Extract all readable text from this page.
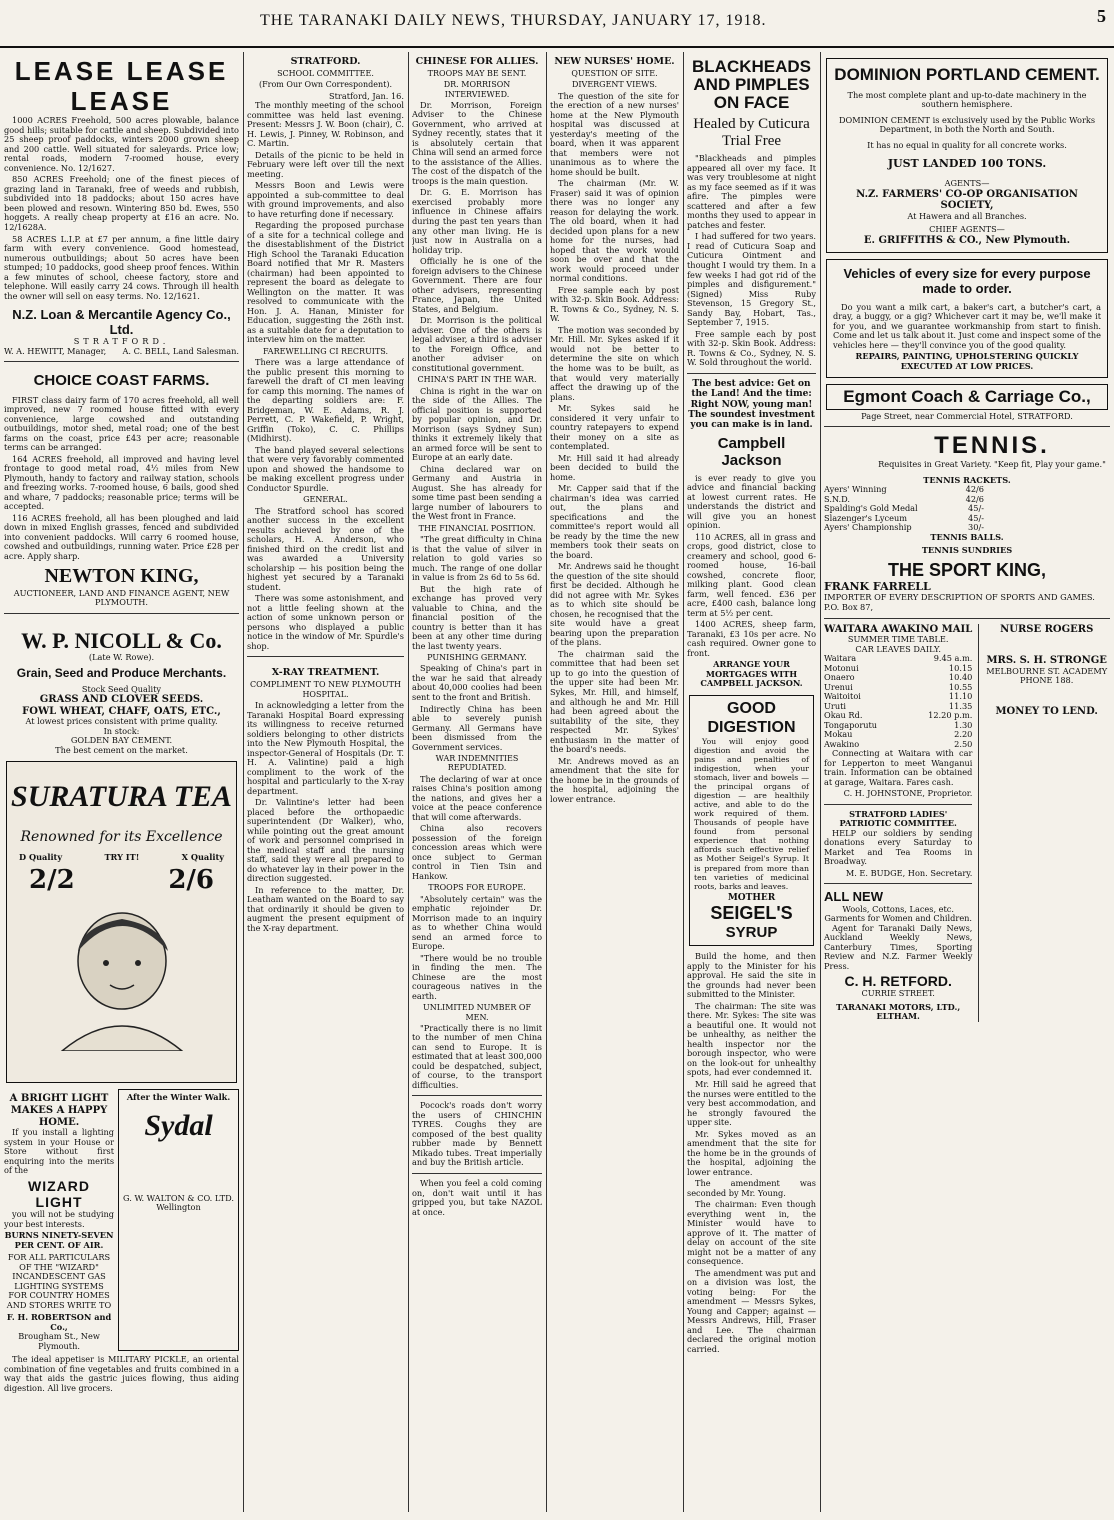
THE TARANAKI DAILY NEWS, THURSDAY, JANUARY 17, 1918.	5
LEASE LEASE LEASE

1000 ACRES Freehold, 500 acres plowable, balance good hills; suitable for cattle and sheep. Subdivided into 25 sheep proof paddocks, winters 2000 grown sheep and 200 cattle. Well situated for saleyards. Price low; rental roads, modern 7-roomed house, every convenience. No. 12/1627.

850 ACRES Freehold; one of the finest pieces of grazing land in Taranaki, free of weeds and rubbish, subdivided into 18 paddocks; about 150 acres have been plowed and resown. Wintering 850 bd. Ewes, 550 hoggets. A really cheap property at £16 an acre. No. 12/1628A.

58 ACRES L.I.P. at £7 per annum, a fine little dairy farm with every convenience. Good homestead, numerous outbuildings; about 50 acres have been stumped; 10 paddocks, good sheep proof fences. Within a few minutes of school, cheese factory, store and telephone. Will easily carry 24 cows. Through ill health the owner will sell on easy terms. No. 12/1621.

N.Z. Loan & Mercantile Agency Co., Ltd.
STRATFORD.
W. A. HEWITT, Manager, A. C. BELL, Land Salesman.
CHOICE COAST FARMS.

FIRST class dairy farm of 170 acres freehold, all well improved, new 7 roomed house fitted with every convenience, large cowshed and outstanding outbuildings, motor shed, metal road; one of the best farms on the coast, price £43 per acre; reasonable terms can be arranged.

164 ACRES freehold, all improved and having level frontage to good metal road, 4½ miles from New Plymouth, handy to factory and railway station, schools and freezing works. 7-roomed house, 6 bails, good shed and whare, 7 paddocks; reasonable price; terms will be accepted.

116 ACRES freehold, all has been ploughed and laid down in mixed English grasses, fenced and subdivided into convenient paddocks. Will carry 6 roomed house, cowshed and outbuildings, running water. Price £28 per acre. Apply sharp.

NEWTON KING,
AUCTIONEER, LAND AND FINANCE AGENT, NEW PLYMOUTH.
W. P. NICOLL & Co.
(Late W. Rowe).
Grain, Seed and Produce Merchants.
Stock Seed Quality
GRASS AND CLOVER SEEDS.
FOWL WHEAT, CHAFF, OATS, ETC.,
At lowest prices consistent with prime quality.
In stock:
GOLDEN BAY CEMENT.
The best cement on the market.
SURATURA TEA
Renowned for its Excellence
D Quality	TRY IT!	X Quality
2/2	2/6
A BRIGHT LIGHT MAKES A HAPPY HOME.

If you install a lighting system in your House or Store without first enquiring into the merits of the

WIZARD LIGHT

you will not be studying your best interests.

BURNS NINETY-SEVEN PER CENT. OF AIR.
FOR ALL PARTICULARS OF THE "WIZARD" INCANDESCENT GAS LIGHTING SYSTEMS FOR COUNTRY HOMES AND STORES WRITE TO
F. H. ROBERTSON and Co.,
Brougham St., New Plymouth.
After the Winter Walk.
Sydal
G. W. WALTON & CO. LTD. Wellington

The ideal appetiser is MILITARY PICKLE, an oriental combination of fine vegetables and fruits combined in a way that aids the gastric juices flowing, thus aiding digestion. All live grocers.

STRATFORD.
SCHOOL COMMITTEE.
(From Our Own Correspondent).
Stratford, Jan. 16.

The monthly meeting of the school committee was held last evening. Present: Messrs J. W. Boon (chair), C. H. Lewis, J. Pinney, W. Robinson, and C. Martin.

Details of the picnic to be held in February were left over till the next meeting.

Messrs Boon and Lewis were appointed a sub-committee to deal with ground improvements, and also to have returfing done if necessary.

Regarding the proposed purchase of a site for a technical college and the disestablishment of the District High School the Taranaki Education Board notified that Mr R. Masters (chairman) had been appointed to represent the board as delegate to Wellington on the matter. It was resolved to communicate with the Hon. J. A. Hanan, Minister for Education, suggesting the 26th inst. as a suitable date for a deputation to interview him on the matter.

FAREWELLING CI RECRUITS.

There was a large attendance of the public present this morning to farewell the draft of CI men leaving for camp this morning. The names of the departing soldiers are: F. Bridgeman, W. E. Adams, R. J. Perrett, C. P. Wakefield, P. Wright, Griffin (Toko), C. C. Phillips (Midhirst).

The band played several selections that were very favorably commented upon and showed the handsome to be making excellent progress under Conductor Spurdle.

GENERAL.

The Stratford school has scored another success in the excellent results achieved by one of the scholars, H. A. Anderson, who finished third on the credit list and was awarded a University scholarship — his position being the highest yet secured by a Taranaki student.

There was some astonishment, and not a little feeling shown at the action of some unknown person or persons who displayed a public notice in the window of Mr. Spurdle's shop.

X-RAY TREATMENT.
COMPLIMENT TO NEW PLYMOUTH HOSPITAL.

In acknowledging a letter from the Taranaki Hospital Board expressing its willingness to receive returned soldiers belonging to other districts into the New Plymouth Hospital, the inspector-General of Hospitals (Dr. T. H. A. Valintine) paid a high compliment to the work of the hospital and particularly to the X-ray department.

Dr. Valintine's letter had been placed before the orthopaedic superintendent (Dr Walker), who, while pointing out the great amount of work and personnel comprised in the medical staff and the nursing staff, said they were all prepared to do whatever lay in their power in the direction suggested.

In reference to the matter, Dr. Leatham wanted on the Board to say that ordinarily it should be given to augment the present equipment of the X-ray department.

CHINESE FOR ALLIES.
TROOPS MAY BE SENT.
DR. MORRISON INTERVIEWED.

Dr. Morrison, Foreign Adviser to the Chinese Government, who arrived at Sydney recently, states that it is absolutely certain that China will send an armed force to the assistance of the Allies. The cost of the dispatch of the troops is the main question.

Dr. G. E. Morrison has exercised probably more influence in Chinese affairs during the past ten years than any other man living. He is just now in Australia on a holiday trip.

Officially he is one of the foreign advisers to the Chinese Government. There are four other advisers, representing France, Japan, the United States, and Belgium.

Dr. Morrison is the political adviser. One of the others is legal adviser, a third is adviser to the Foreign Office, and another adviser on constitutional government.

CHINA'S PART IN THE WAR.

China is right in the war on the side of the Allies. The official position is supported by popular opinion, and Dr. Morrison (says Sydney Sun) thinks it extremely likely that an armed force will be sent to Europe at an early date.

China declared war on Germany and Austria in August. She has already for some time past been sending a large number of labourers to the West front in France.

THE FINANCIAL POSITION.

"The great difficulty in China is that the value of silver in relation to gold varies so much. The range of one dollar in value is from 2s 6d to 5s 6d.

But the high rate of exchange has proved very valuable to China, and the financial position of the country is better than it has been at any other time during the last twenty years.

PUNISHING GERMANY.

Speaking of China's part in the war he said that already about 40,000 coolies had been sent to the front and British.

Indirectly China has been able to severely punish Germany. All Germans have been dismissed from the Government services.

WAR INDEMNITIES REPUDIATED.

The declaring of war at once raises China's position among the nations, and gives her a voice at the peace conference that will come afterwards.

China also recovers possession of the foreign concession areas which were once subject to German control in Tien Tsin and Hankow.

TROOPS FOR EUROPE.

"Absolutely certain" was the emphatic rejoinder Dr. Morrison made to an inquiry as to whether China would send an armed force to Europe.

"There would be no trouble in finding the men. The Chinese are the most courageous natives in the earth.

UNLIMITED NUMBER OF MEN.

"Practically there is no limit to the number of men China can send to Europe. It is estimated that at least 300,000 could be despatched, subject, of course, to the transport difficulties.

Pocock's roads don't worry the users of CHINCHIN TYRES. Coughs they are composed of the best quality rubber made by Bennett Mikado tubes. Treat imperially and buy the British article.

When you feel a cold coming on, don't wait until it has gripped you, but take NAZOL at once.

NEW NURSES' HOME.
QUESTION OF SITE.
DIVERGENT VIEWS.

The question of the site for the erection of a new nurses' home at the New Plymouth hospital was discussed at yesterday's meeting of the board, when it was apparent that members were not unanimous as to where the home should be built.

The chairman (Mr. W. Fraser) said it was of opinion there was no longer any reason for delaying the work. The old board, when it had decided upon plans for a new home for the nurses, had hoped that the work would soon be over and that the work would proceed under normal conditions.

Free sample each by post with 32-p. Skin Book. Address: R. Towns & Co., Sydney, N. S. W.

The motion was seconded by Mr. Hill. Mr. Sykes asked if it would not be better to determine the site on which the home was to be built, as that would very materially affect the drawing up of the plans.

Mr. Sykes said he considered it very unfair to country ratepayers to expend their money on a site as contemplated.

Mr. Hill said it had already been decided to build the home.

Mr. Capper said that if the chairman's idea was carried out, the plans and specifications and the committee's report would all be ready by the time the new members took their seats on the board.

Mr. Andrews said he thought the question of the site should first be decided. Although he did not agree with Mr. Sykes as to which site should be chosen, he recognised that the site would have a great bearing upon the preparation of the plans.

The chairman said the committee that had been set up to go into the question of the upper site had been Mr. Sykes, Mr. Hill, and himself, and although he and Mr. Hill had been agreed about the suitability of the site, they respected Mr. Sykes' enthusiasm in the matter of the board's needs.

Mr. Andrews moved as an amendment that the site for the home be in the grounds of the hospital, adjoining the lower entrance.

BLACKHEADS AND PIMPLES ON FACE
Healed by Cuticura Trial Free

"Blackheads and pimples appeared all over my face. It was very troublesome at night as my face seemed as if it was afire. The pimples were scattered and after a few months they used to appear in patches and fester.

I had suffered for two years. I read of Cuticura Soap and Cuticura Ointment and thought I would try them. In a few weeks I had got rid of the pimples and disfigurement." (Signed) Miss Ruby Stevenson, 15 Gregory St., Sandy Bay, Hobart, Tas., September 7, 1915.

Free sample each by post with 32-p. Skin Book. Address: R. Towns & Co., Sydney, N. S. W. Sold throughout the world.

The best advice: Get on the Land! And the time: Right NOW, young man! The soundest investment you can make is in land.
Campbell Jackson

is ever ready to give you advice and financial backing at lowest current rates. He understands the district and will give you an honest opinion.

110 ACRES, all in grass and crops, good district, close to creamery and school, good 6-roomed house, 16-bail cowshed, concrete floor, milking plant. Good clean farm, well fenced. £36 per acre, £400 cash, balance long term at 5½ per cent.

1400 ACRES, sheep farm, Taranaki, £3 10s per acre. No cash required. Owner gone to front.

ARRANGE YOUR MORTGAGES WITH CAMPBELL JACKSON.
GOOD DIGESTION

You will enjoy good digestion and avoid the pains and penalties of indigestion, when your stomach, liver and bowels — the principal organs of digestion — are healthily active, and able to do the work required of them. Thousands of people have found from personal experience that nothing affords such effective relief as Mother Seigel's Syrup. It is prepared from more than ten varieties of medicinal roots, barks and leaves.

MOTHER
SEIGEL'S
SYRUP

Build the home, and then apply to the Minister for his approval. He said the site in the grounds had never been submitted to the Minister.

The chairman: The site was there. Mr. Sykes: The site was a beautiful one. It would not be unhealthy, as neither the health inspector nor the borough inspector, who were on the look-out for unhealthy spots, had ever condemned it.

Mr. Hill said he agreed that the nurses were entitled to the very best accommodation, and he strongly favoured the upper site.

Mr. Sykes moved as an amendment that the site for the home be in the grounds of the hospital, adjoining the lower entrance.

The amendment was seconded by Mr. Young.

The chairman: Even though everything went in, the Minister would have to approve of it. The matter of delay on account of the site might not be a matter of any consequence.

The amendment was put and on a division was lost, the voting being: For the amendment — Messrs Sykes, Young and Capper; against — Messrs Andrews, Hill, Fraser and Lee. The chairman declared the original motion carried.

DOMINION PORTLAND CEMENT.
The most complete plant and up-to-date machinery in the southern hemisphere.
DOMINION CEMENT is exclusively used by the Public Works Department, in both the North and South.
It has no equal in quality for all concrete works.
JUST LANDED 100 TONS.
AGENTS—
N.Z. FARMERS' CO-OP ORGANISATION SOCIETY,
At Hawera and all Branches.
CHIEF AGENTS—
E. GRIFFITHS & CO., New Plymouth.
Vehicles of every size for every purpose made to order.

Do you want a milk cart, a baker's cart, a butcher's cart, a dray, a buggy, or a gig? Whichever cart it may be, we'll make it for you, and we guarantee workmanship from start to finish. Come and let us talk about it. Just come and inspect some of the vehicles here — they'll convince you of the good quality.

REPAIRS, PAINTING, UPHOLSTERING QUICKLY EXECUTED AT LOW PRICES.
Egmont Coach & Carriage Co.,
Page Street, near Commercial Hotel, STRATFORD.
TENNIS.
Requisites in Great Variety. "Keep fit, Play your game."
TENNIS RACKETS.
Ayers' Winning	42/6
S.N.D.	42/6
Spalding's Gold Medal	45/-
Slazenger's Lyceum	45/-
Ayers' Championship	30/-
TENNIS BALLS.
TENNIS SUNDRIES
THE SPORT KING,
FRANK FARRELL
IMPORTER OF EVERY DESCRIPTION OF SPORTS AND GAMES. P.O. Box 87,
WAITARA AWAKINO MAIL
SUMMER TIME TABLE.
CAR LEAVES DAILY.
Waitara	9.45 a.m.
Motonui	10.15
Onaero	10.40
Urenui	10.55
Waitoitoi	11.10
Uruti	11.35
Okau Rd.	12.20 p.m.
Tongaporutu	1.30
Mokau	2.20
Awakino	2.50

Connecting at Waitara with car for Lepperton to meet Wanganui train. Information can be obtained at garage, Waitara. Fares cash.

C. H. JOHNSTONE, Proprietor.
STRATFORD LADIES' PATRIOTIC COMMITTEE.

HELP our soldiers by sending donations every Saturday to Market and Tea Rooms in Broadway.

M. E. BUDGE, Hon. Secretary.
ALL NEW
Wools, Cottons, Laces, etc.
Garments for Women and Children.

Agent for Taranaki Daily News, Auckland Weekly News, Canterbury Times, Sporting Review and N.Z. Farmer Weekly Press.

C. H. RETFORD.
CURRIE STREET.
TARANAKI MOTORS, LTD.,
ELTHAM.
NURSE ROGERS
MRS. S. H. STRONGE
MELBOURNE ST. ACADEMY
PHONE 188.
MONEY TO LEND.
